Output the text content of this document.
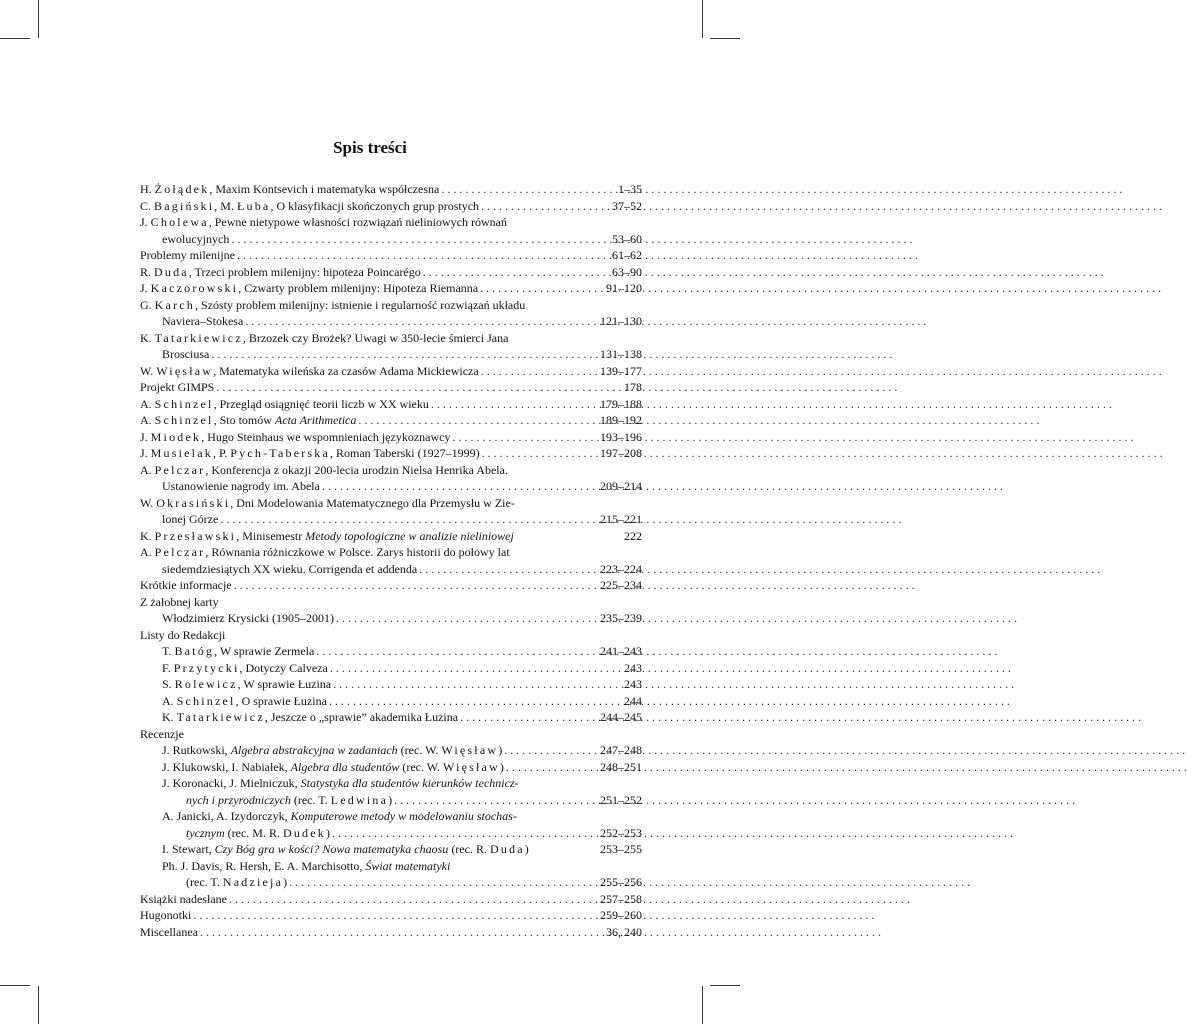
Spis treści
H. Żołądek, Maxim Kontsevich i matematyka współczesna . . .	1–35
C. Bagiński, M. Łuba, O klasyfikacji skończonych grup prostych . . .	37–52
J. Cholewa, Pewne nietypowe własności rozwiązań nieliniowych równań
ewolucyjnych . . .	53–60
Problemy milenijne . . .	61–62
R. Duda, Trzeci problem milenijny: hipoteza Poincarégo . . .	63–90
J. Kaczorowski, Czwarty problem milenijny: Hipoteza Riemanna . . .	91–120
G. Karch, Szósty problem milenijny: istnienie i regularność rozwiązań układu
Naviera–Stokesa . . .	121–130
K. Tatarkiewicz, Brzozek czy Brożek? Uwagi w 350-lecie śmierci Jana
Brosciusa . . .	131–138
W. Więsław, Matematyka wileńska za czasów Adama Mickiewicza . . .	139–177
Projekt GIMPS . . .	178
A. Schinzel, Przegląd osiągnięć teorii liczb w XX wieku . . .	179–188
A. Schinzel, Sto tomów Acta Arithmetica . . .	189–192
J. Miodek, Hugo Steinhaus we wspomnieniach językoznawcy . . .	193–196
J. Musielak, P. Pych-Taberska, Roman Taberski (1927–1999) . . .	197–208
A. Pelczar, Konferencja z okazji 200-lecia urodzin Nielsa Henrika Abela.
Ustanowienie nagrody im. Abela . . .	209–214
W. Okrasiński, Dni Modelowania Matematycznego dla Przemysłu w Zie-
lonej Górze . . .	215–221
K. Przesławski, Minisemestr Metody topologiczne w analizie nieliniowej	222
A. Pelczar, Równania różniczkowe w Polsce. Zarys historii do połowy lat
siedemdziesiątych XX wieku. Corrigenda et addenda . . .	223–224
Krótkie informacje . . .	225–234
Z żałobnej karty
Włodzimierz Krysicki (1905–2001) . . .	235–239
Listy do Redakcji
T. Batóg, W sprawie Zermela . . .	241–243
F. Przytycki, Dotyczy Calveza . . .	243
S. Rolewicz, W sprawie Łuzina . . .	243
A. Schinzel, O sprawie Łuzina . . .	244
K. Tatarkiewicz, Jeszcze o „sprawie” akademika Łuzina . . .	244–245
Recenzje
J. Rutkowski, Algebra abstrakcyjna w zadaniach (rec. W. Więsław) . . .	247–248
J. Klukowski, I. Nabiałek, Algebra dla studentów (rec. W. Więsław) . . .	248–251
J. Koronacki, J. Mielniczuk, Statystyka dla studentów kierunków technicz-
nych i przyrodniczych (rec. T. Ledwina) . . .	251–252
A. Janicki, A. Izydorczyk, Komputerowe metody w modelowaniu stochas-
tycznym (rec. M. R. Dudek) . . .	252–253
I. Stewart, Czy Bóg gra w kości? Nowa matematyka chaosu (rec. R. Duda)	253–255
Ph. J. Davis, R. Hersh, E. A. Marchisotto, Świat matematyki
(rec. T. Nadzieja) . . .	255–256
Książki nadesłane . . .	257–258
Hugonotki . . .	259–260
Miscellanea . . .	36, 240
